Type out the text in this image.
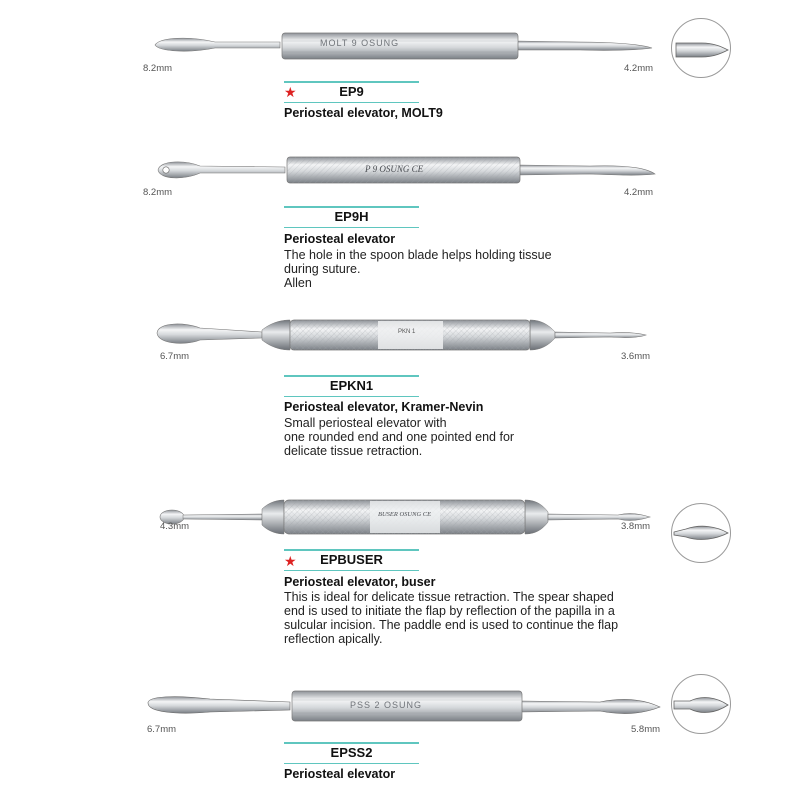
MOLT 9 OSUNG
P 9 OSUNG CE
PKN 1
BUSER OSUNG CE
PSS 2 OSUNG
8.2mm	4.2mm
8.2mm	4.2mm
6.7mm	3.6mm
4.3mm	3.8mm
6.7mm	5.8mm
★	EP9
Periosteal elevator, MOLT9
EP9H
Periosteal elevator
The hole in the spoon blade helps holding tissue
during suture.
Allen
EPKN1
Periosteal elevator, Kramer-Nevin
Small periosteal elevator with
one rounded end and one pointed end for
delicate tissue retraction.
★	EPBUSER
Periosteal elevator, buser
This is ideal for delicate tissue retraction. The spear shaped
end is used to initiate the flap by reflection of the papilla in a
sulcular incision. The paddle end is used to continue the flap
reflection apically.
EPSS2
Periosteal elevator
